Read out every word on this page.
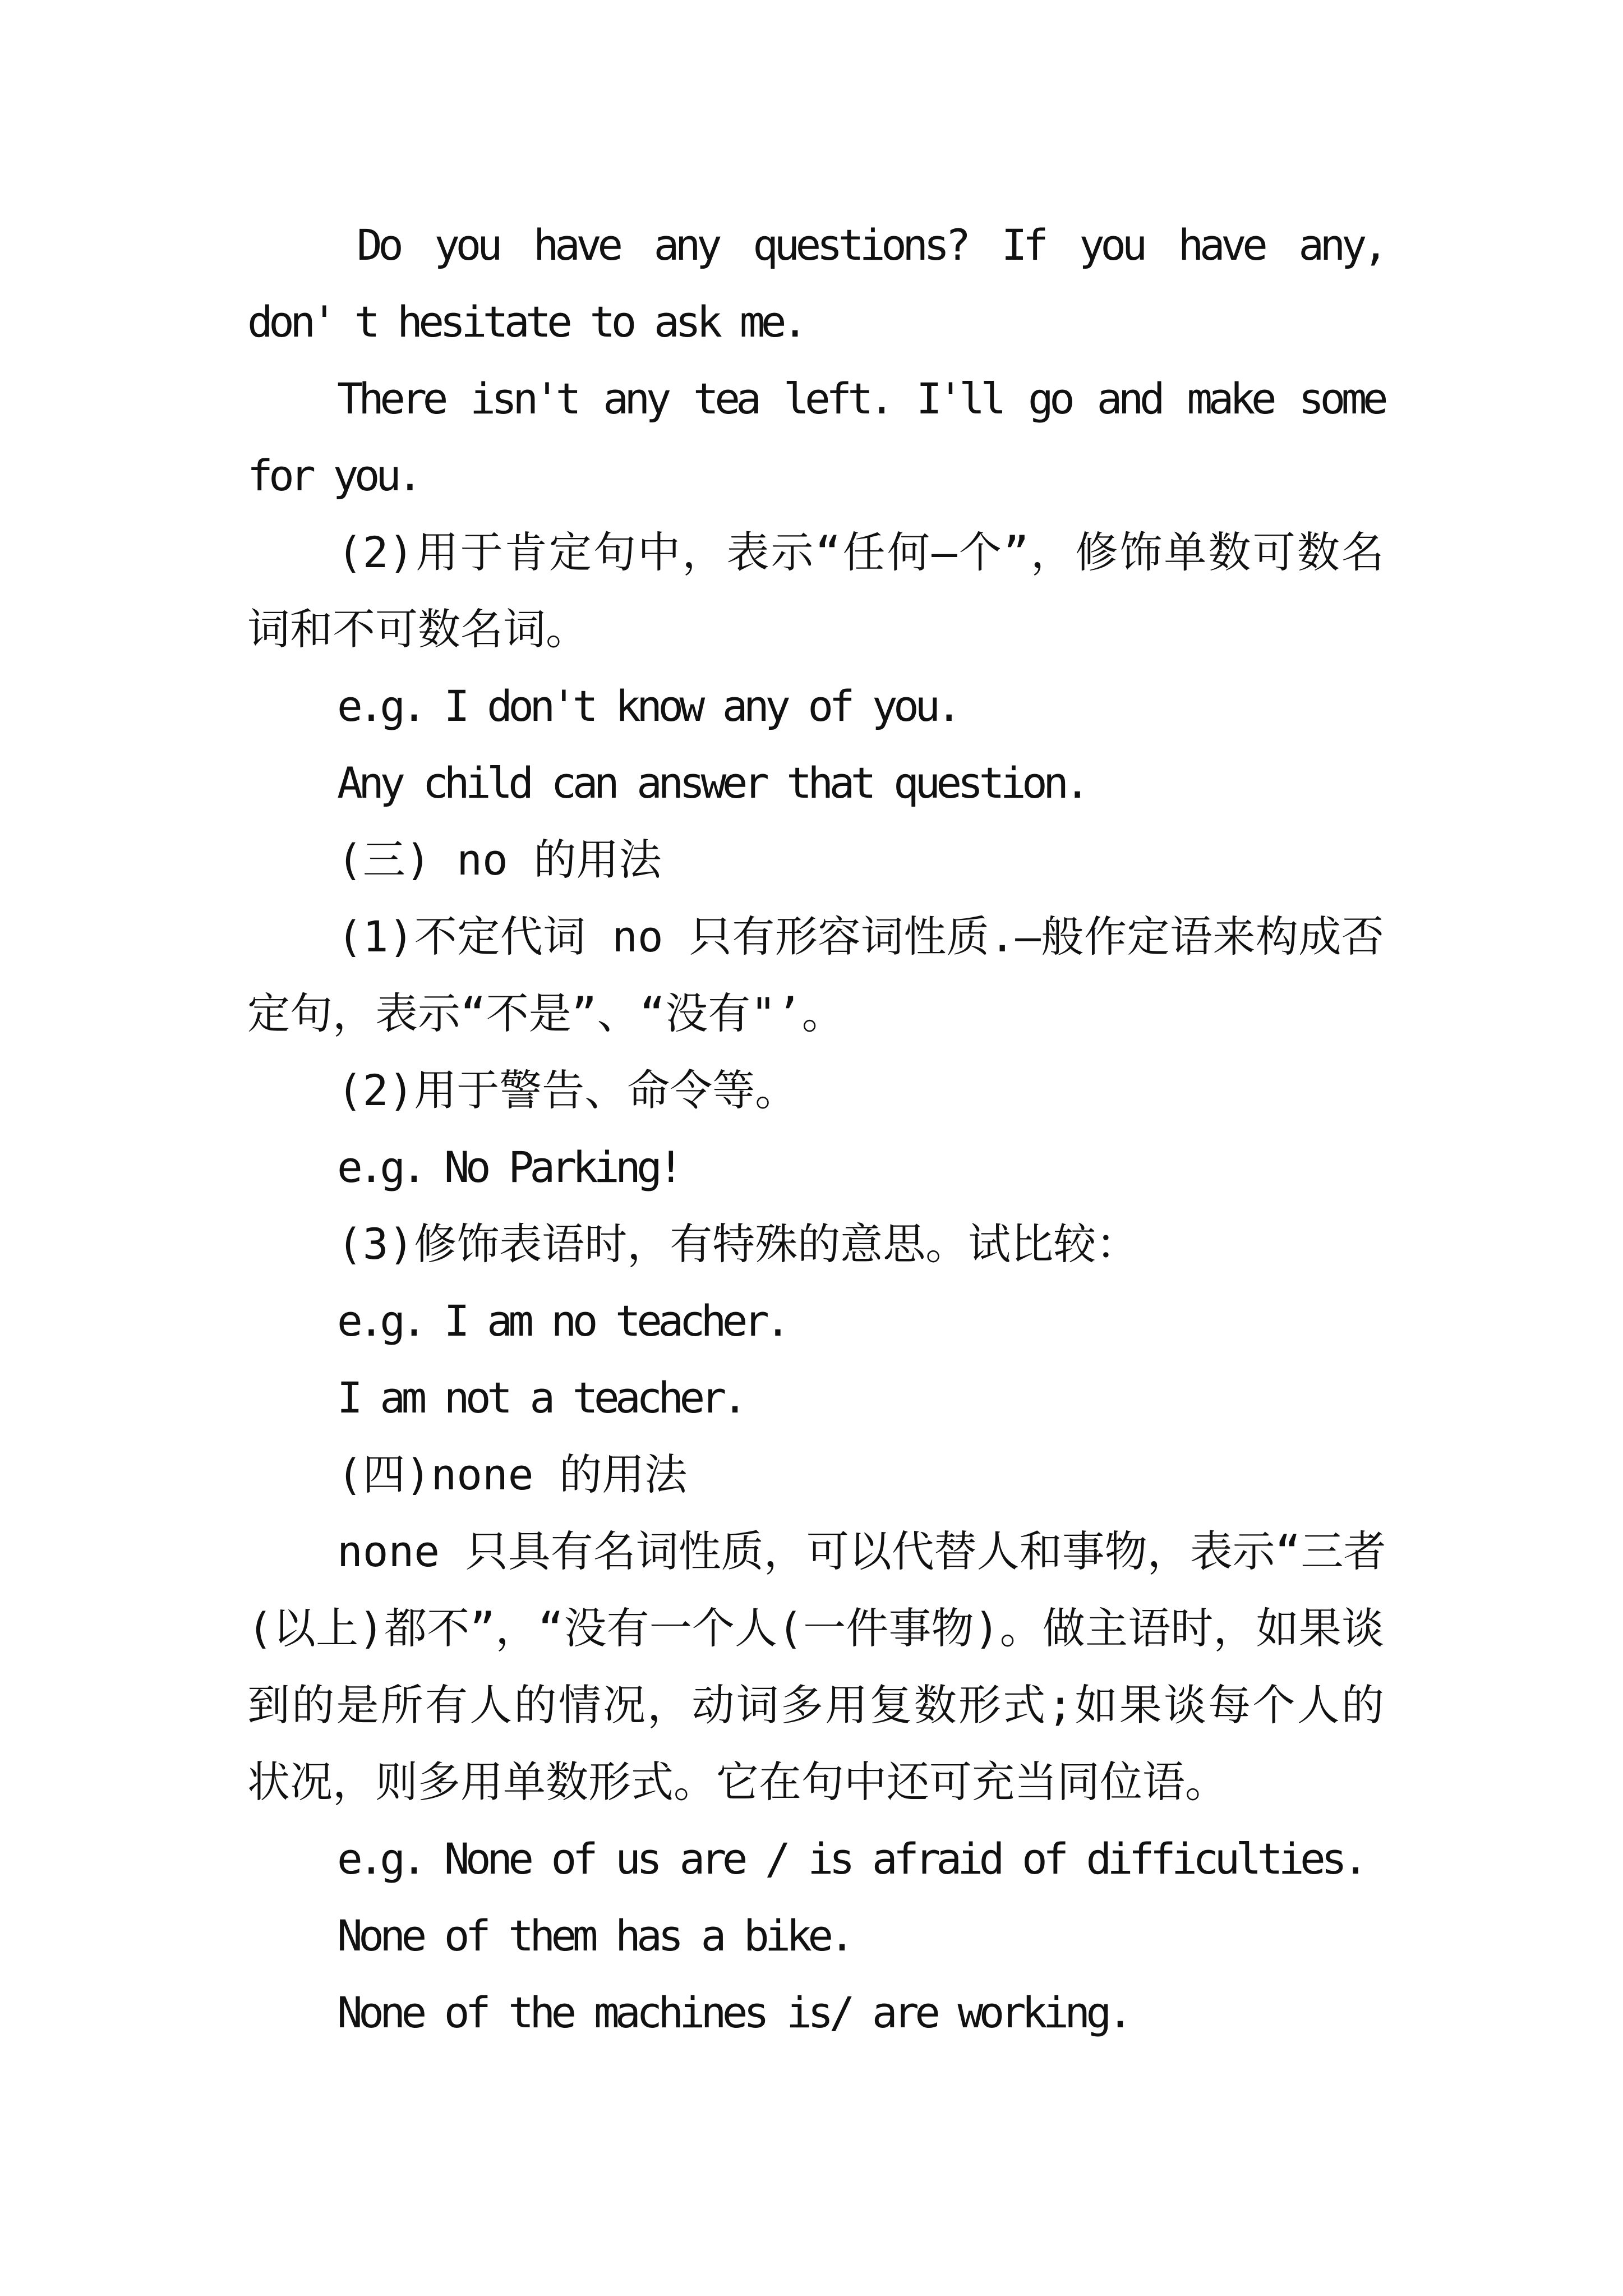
Do you have any questions? If you have any,
don' t hesitate to ask me.
There isn't any tea left. I'll go and make some
for you.
(2)用于肯定句中，表示“任何—个”，修饰单数可数名
词和不可数名词。
e.g. I don't know any of you.
Any child can answer that question.
(三) no 的用法
(1)不定代词 no 只有形容词性质.—般作定语来构成否
定句，表示“不是”、“没有"’。
(2)用于警告、命令等。
e.g. No Parking!
(3)修饰表语时，有特殊的意思。试比较：
e.g. I am no teacher.
I am not a teacher.
(四)none 的用法
none 只具有名词性质，可以代替人和事物，表示“三者
(以上)都不”，“没有一个人(一件事物)。做主语时，如果谈
到的是所有人的情况，动词多用复数形式;如果谈每个人的
状况，则多用单数形式。它在句中还可充当同位语。
e.g. None of us are / is afraid of difficulties.
None of them has a bike.
None of the machines is/ are working.
